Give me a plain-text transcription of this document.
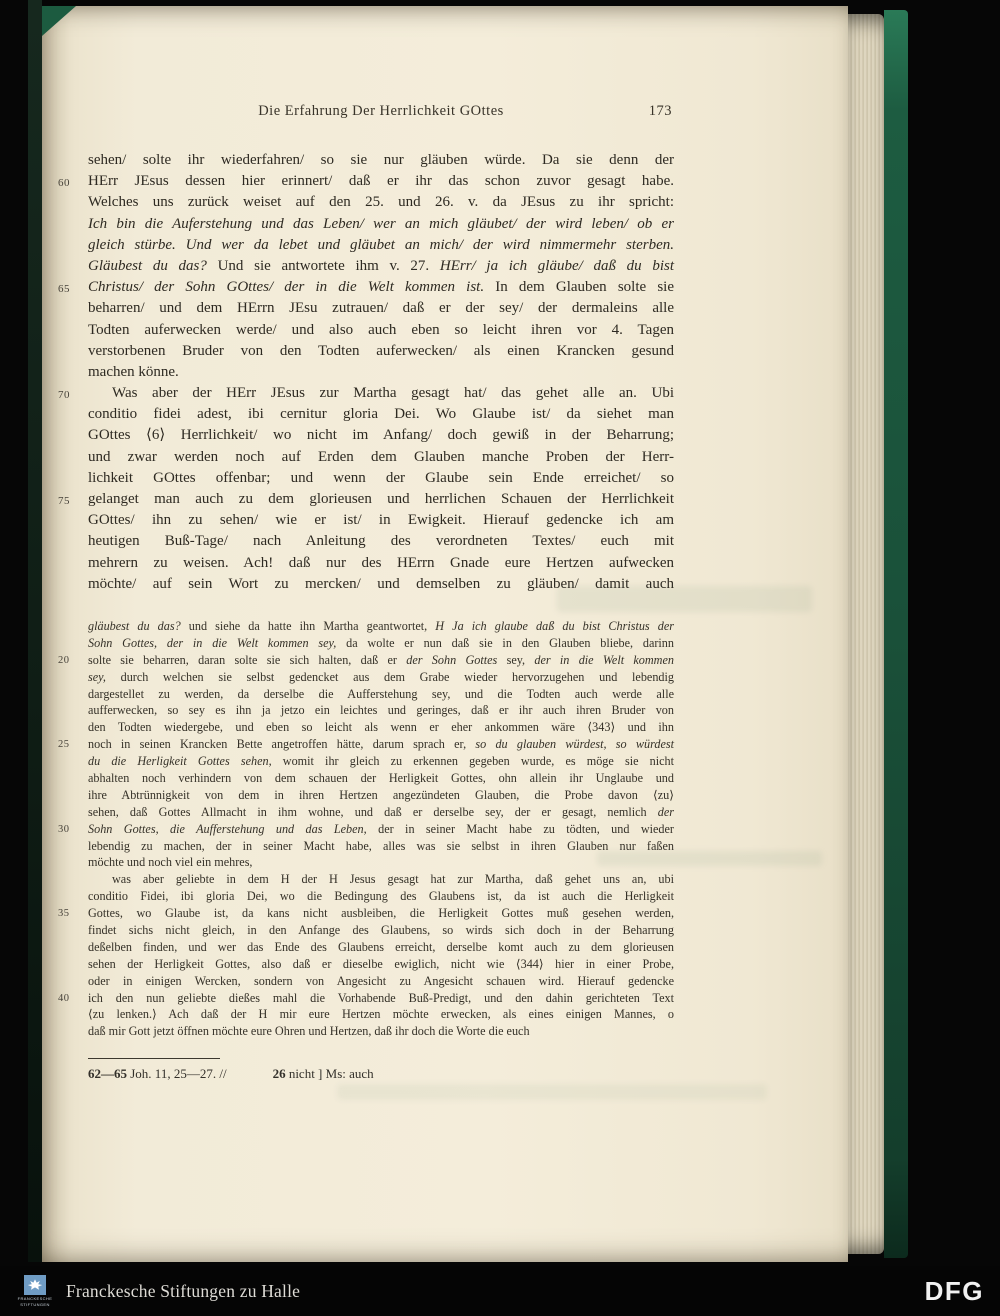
Die Erfahrung Der Herrlichkeit GOttes	173
sehen/ solte ihr wiederfahren/ so sie nur gläuben würde. Da sie denn der
60	HErr JEsus dessen hier erinnert/ daß er ihr das schon zuvor gesagt habe.
Welches uns zurück weiset auf den 25. und 26. v. da JEsus zu ihr spricht:
Ich bin die Auferstehung und das Leben/ wer an mich gläubet/ der wird leben/ ob er
gleich stürbe. Und wer da lebet und gläubet an mich/ der wird nimmermehr sterben.
Gläubest du das? Und sie antwortete ihm v. 27. HErr/ ja ich gläube/ daß du bist
65	Christus/ der Sohn GOttes/ der in die Welt kommen ist. In dem Glauben solte sie
beharren/ und dem HErrn JEsu zutrauen/ daß er der sey/ der dermaleins alle
Todten auferwecken werde/ und also auch eben so leicht ihren vor 4. Tagen
verstorbenen Bruder von den Todten auferwecken/ als einen Krancken gesund
machen könne.
70	Was aber der HErr JEsus zur Martha gesagt hat/ das gehet alle an. Ubi
conditio fidei adest, ibi cernitur gloria Dei. Wo Glaube ist/ da siehet man
GOttes ⟨6⟩ Herrlichkeit/ wo nicht im Anfang/ doch gewiß in der Beharrung;
und zwar werden noch auf Erden dem Glauben manche Proben der Herr-
lichkeit GOttes offenbar; und wenn der Glaube sein Ende erreichet/ so
75	gelanget man auch zu dem glorieusen und herrlichen Schauen der Herrlichkeit
GOttes/ ihn zu sehen/ wie er ist/ in Ewigkeit. Hierauf gedencke ich am
heutigen Buß-Tage/ nach Anleitung des verordneten Textes/ euch mit
mehrern zu weisen. Ach! daß nur des HErrn Gnade eure Hertzen aufwecken
möchte/ auf sein Wort zu mercken/ und demselben zu gläuben/ damit auch
gläubest du das? und siehe da hatte ihn Martha geantwortet, H Ja ich glaube daß du bist Christus der
Sohn Gottes, der in die Welt kommen sey, da wolte er nun daß sie in den Glauben bliebe, darinn
20	solte sie beharren, daran solte sie sich halten, daß er der Sohn Gottes sey, der in die Welt kommen
sey, durch welchen sie selbst gedencket aus dem Grabe wieder hervorzugehen und lebendig
dargestellet zu werden, da derselbe die Aufferstehung sey, und die Todten auch werde alle
aufferwecken, so sey es ihn ja jetzo ein leichtes und geringes, daß er ihr auch ihren Bruder von
den Todten wiedergebe, und eben so leicht als wenn er eher ankommen wäre ⟨343⟩ und ihn
25	noch in seinen Krancken Bette angetroffen hätte, darum sprach er, so du glauben würdest, so würdest
du die Herligkeit Gottes sehen, womit ihr gleich zu erkennen gegeben wurde, es möge sie nicht
abhalten noch verhindern von dem schauen der Herligkeit Gottes, ohn allein ihr Unglaube und
ihre Abtrünnigkeit von dem in ihren Hertzen angezündeten Glauben, die Probe davon ⟨zu⟩
sehen, daß Gottes Allmacht in ihm wohne, und daß er derselbe sey, der er gesagt, nemlich der
30	Sohn Gottes, die Aufferstehung und das Leben, der in seiner Macht habe zu tödten, und wieder
lebendig zu machen, der in seiner Macht habe, alles was sie selbst in ihren Glauben nur faßen
möchte und noch viel ein mehres,
was aber geliebte in dem H der H Jesus gesagt hat zur Martha, daß gehet uns an, ubi
conditio Fidei, ibi gloria Dei, wo die Bedingung des Glaubens ist, da ist auch die Herligkeit
35	Gottes, wo Glaube ist, da kans nicht ausbleiben, die Herligkeit Gottes muß gesehen werden,
findet sichs nicht gleich, in den Anfange des Glaubens, so wirds sich doch in der Beharrung
deßelben finden, und wer das Ende des Glaubens erreicht, derselbe komt auch zu dem glorieusen
sehen der Herligkeit Gottes, also daß er dieselbe ewiglich, nicht wie ⟨344⟩ hier in einer Probe,
oder in einigen Wercken, sondern von Angesicht zu Angesicht schauen wird. Hierauf gedencke
40	ich den nun geliebte dießes mahl die Vorhabende Buß-Predigt, und den dahin gerichteten Text
⟨zu lenken.⟩ Ach daß der H mir eure Hertzen möchte erwecken, als eines einigen Mannes, o
daß mir Gott jetzt öffnen möchte eure Ohren und Hertzen, daß ihr doch die Worte die euch
62—65 Joh. 11, 25—27. //	26 nicht ] Ms: auch
FRANCKESCHE
STIFTUNGEN
Franckesche Stiftungen zu Halle	DFG
